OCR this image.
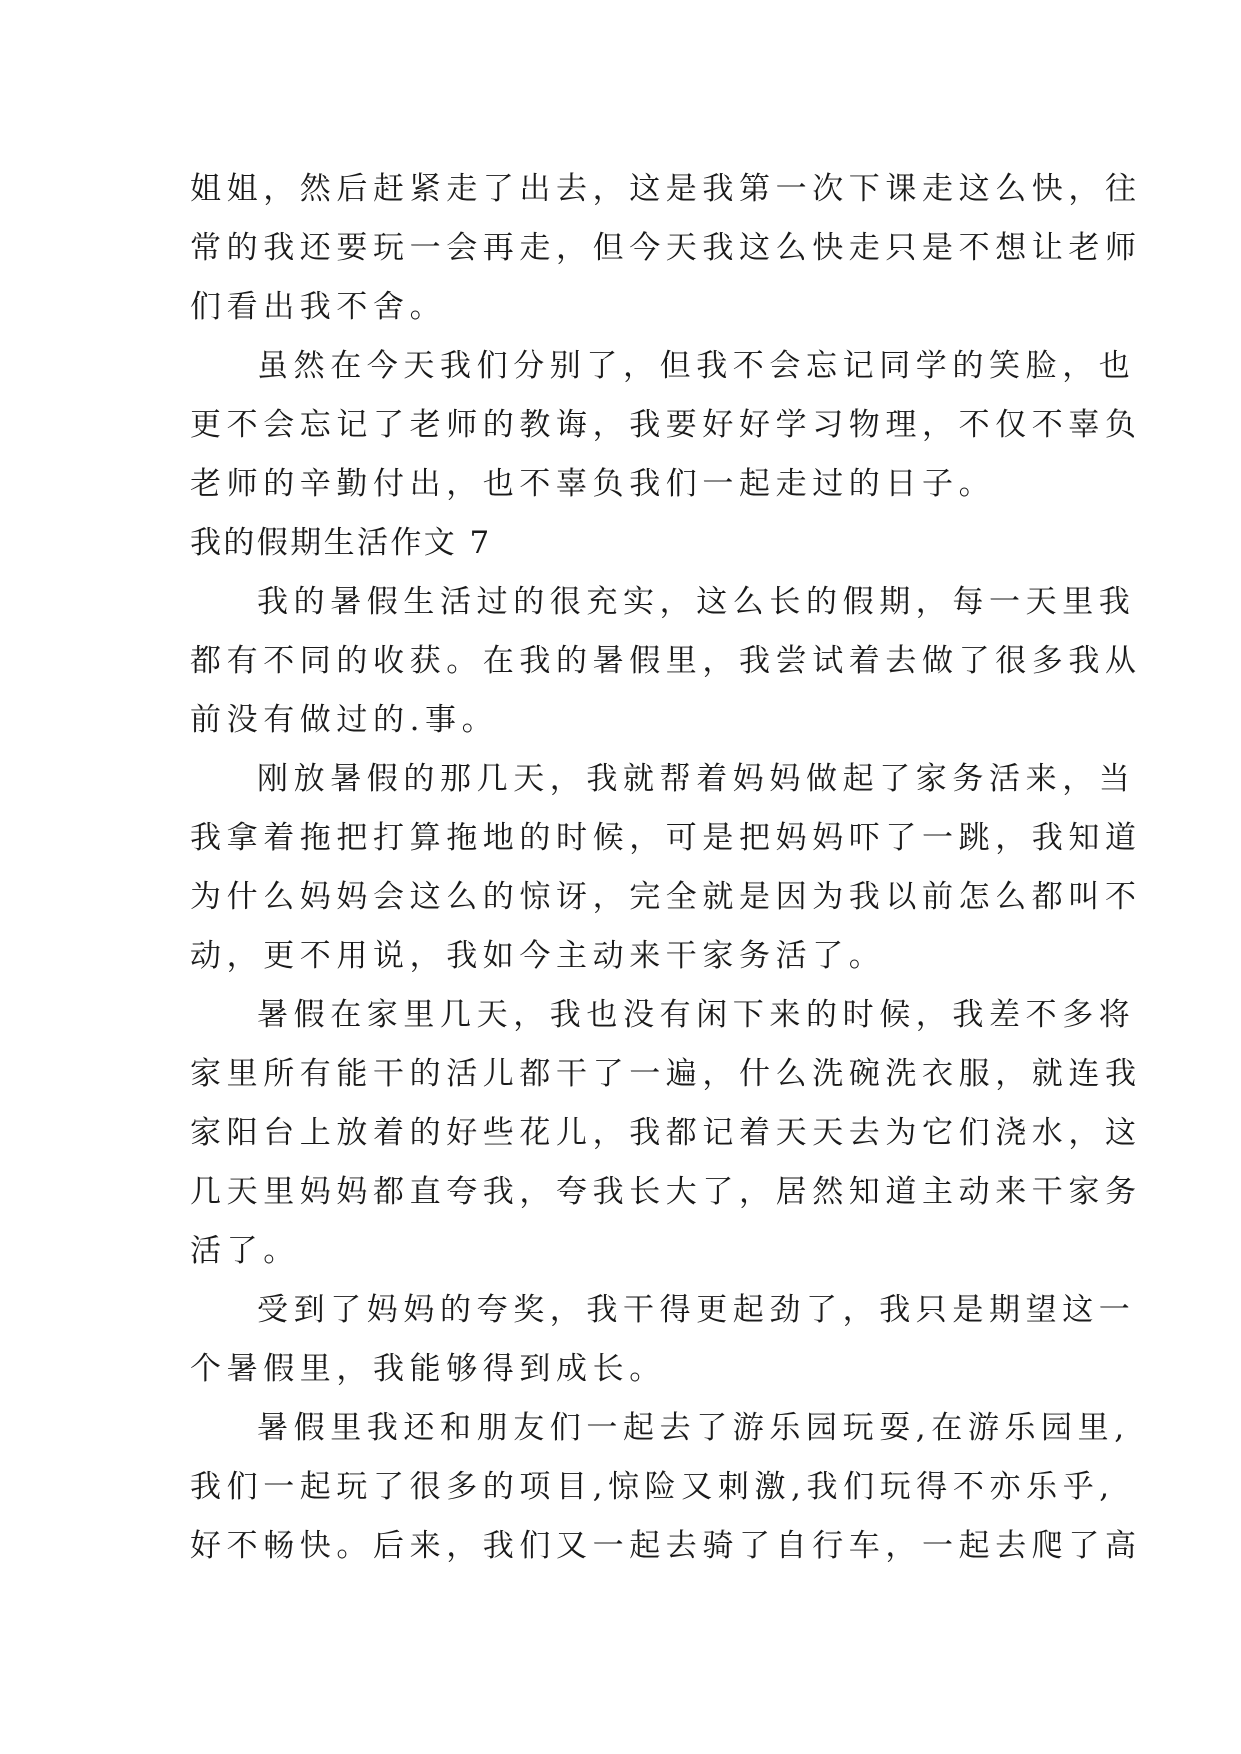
姐姐，然后赶紧走了出去，这是我第一次下课走这么快，往
常的我还要玩一会再走，但今天我这么快走只是不想让老师
们看出我不舍。
虽然在今天我们分别了，但我不会忘记同学的笑脸，也
更不会忘记了老师的教诲，我要好好学习物理，不仅不辜负
老师的辛勤付出，也不辜负我们一起走过的日子。
我的假期生活作文 7
我的暑假生活过的很充实，这么长的假期，每一天里我
都有不同的收获。在我的暑假里，我尝试着去做了很多我从
前没有做过的.事。
刚放暑假的那几天，我就帮着妈妈做起了家务活来，当
我拿着拖把打算拖地的时候，可是把妈妈吓了一跳，我知道
为什么妈妈会这么的惊讶，完全就是因为我以前怎么都叫不
动，更不用说，我如今主动来干家务活了。
暑假在家里几天，我也没有闲下来的时候，我差不多将
家里所有能干的活儿都干了一遍，什么洗碗洗衣服，就连我
家阳台上放着的好些花儿，我都记着天天去为它们浇水，这
几天里妈妈都直夸我，夸我长大了，居然知道主动来干家务
活了。
受到了妈妈的夸奖，我干得更起劲了，我只是期望这一
个暑假里，我能够得到成长。
暑假里我还和朋友们一起去了游乐园玩耍,在游乐园里,
我们一起玩了很多的项目,惊险又刺激,我们玩得不亦乐乎,
好不畅快。后来，我们又一起去骑了自行车，一起去爬了高
